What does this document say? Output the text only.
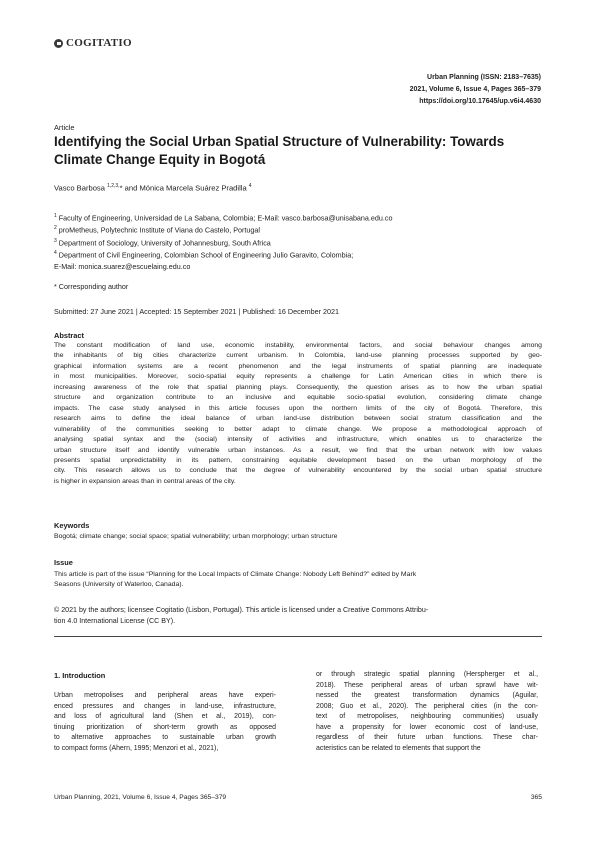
COGITATIO
Urban Planning (ISSN: 2183–7635)
2021, Volume 6, Issue 4, Pages 365–379
https://doi.org/10.17645/up.v6i4.4630
Article
Identifying the Social Urban Spatial Structure of Vulnerability: Towards
Climate Change Equity in Bogotá
Vasco Barbosa $^{1,2,3,}$* and Mónica Marcela Suárez Pradilla $^4$
$^1$ Faculty of Engineering, Universidad de La Sabana, Colombia; E-Mail: vasco.barbosa@unisabana.edu.co
$^2$ proMetheus, Polytechnic Institute of Viana do Castelo, Portugal
$^3$ Department of Sociology, University of Johannesburg, South Africa
$^4$ Department of Civil Engineering, Colombian School of Engineering Julio Garavito, Colombia;
E-Mail: monica.suarez@escuelaing.edu.co
* Corresponding author
Submitted: 27 June 2021 | Accepted: 15 September 2021 | Published: 16 December 2021
Abstract
The constant modification of land use, economic instability, environmental factors, and social behaviour changes among
the inhabitants of big cities characterize current urbanism. In Colombia, land-use planning processes supported by geo-
graphical information systems are a recent phenomenon and the legal instruments of spatial planning are inadequate
in most municipalities. Moreover, socio-spatial equity represents a challenge for Latin American cities in which there is
increasing awareness of the role that spatial planning plays. Consequently, the question arises as to how the urban spatial
structure and organization contribute to an inclusive and equitable socio-spatial evolution, considering climate change
impacts. The case study analysed in this article focuses upon the northern limits of the city of Bogotá. Therefore, this
research aims to define the ideal balance of urban land-use distribution between social stratum classification and the
vulnerability of the communities seeking to better adapt to climate change. We propose a methodological approach of
analysing spatial syntax and the (social) intensity of activities and infrastructure, which enables us to characterize the
urban structure itself and identify vulnerable urban instances. As a result, we find that the urban network with low values
presents spatial unpredictability in its pattern, constraining equitable development based on the urban morphology of the
city. This research allows us to conclude that the degree of vulnerability encountered by the social urban spatial structure
is higher in expansion areas than in central areas of the city.
Keywords
Bogotá; climate change; social space; spatial vulnerability; urban morphology; urban structure
Issue
This article is part of the issue “Planning for the Local Impacts of Climate Change: Nobody Left Behind?” edited by Mark
Seasons (University of Waterloo, Canada).
© 2021 by the authors; licensee Cogitatio (Lisbon, Portugal). This article is licensed under a Creative Commons Attribu-
tion 4.0 International License (CC BY).
1. Introduction
Urban metropolises and peripheral areas have experi-
enced pressures and changes in land-use, infrastructure,
and loss of agricultural land (Shen et al., 2019), con-
tinuing prioritization of short-term growth as opposed
to alternative approaches to sustainable urban growth
to compact forms (Ahern, 1995; Menzori et al., 2021),
or through strategic spatial planning (Herspherger et al.,
2018). These peripheral areas of urban sprawl have wit-
nessed the greatest transformation dynamics (Aguilar,
2008; Guo et al., 2020). The peripheral cities (in the con-
text of metropolises, neighbouring communities) usually
have a propensity for lower economic cost of land-use,
regardless of their future urban functions. These char-
acteristics can be related to elements that support the
Urban Planning, 2021, Volume 6, Issue 4, Pages 365–379	365
